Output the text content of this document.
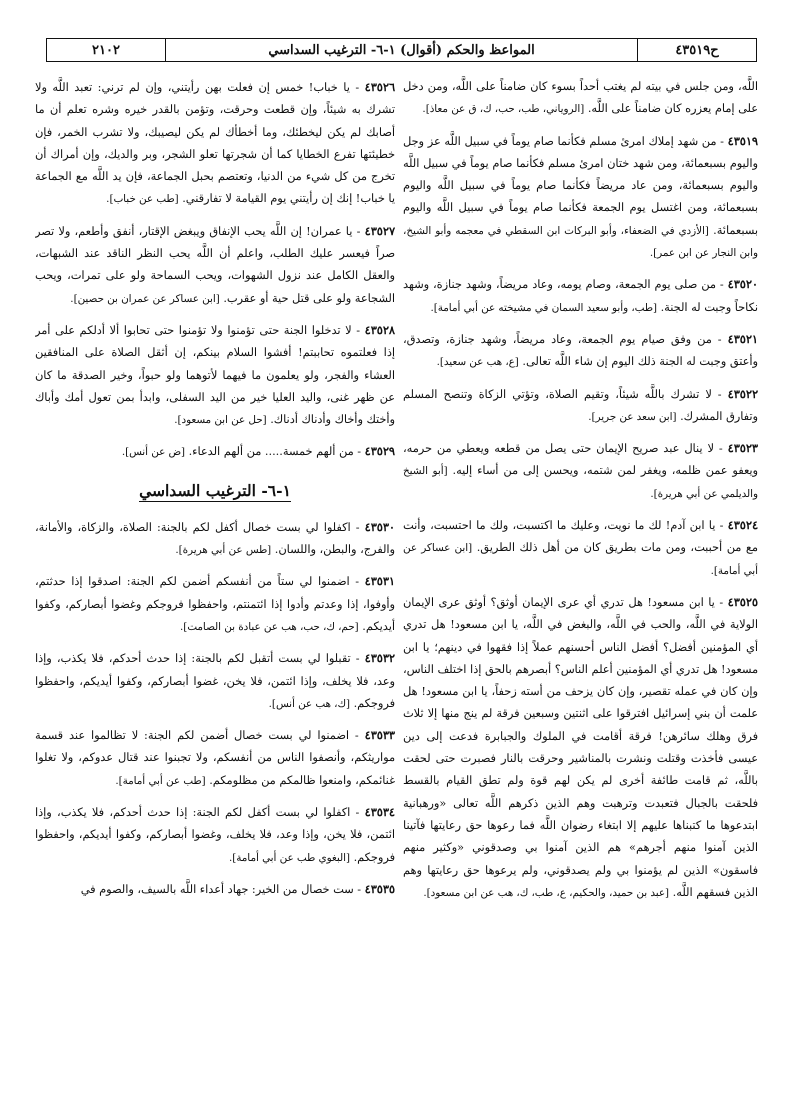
٢١٠٢	المواعظ والحكم (أقوال) ١-٦- الترغيب السداسي	ح٤٣٥١٩
اللَّه، ومن جلس في بيته لم يغتب أحداً بسوء كان ضامناً على اللَّه، ومن دخل على إمام يعزره كان ضامناً على اللَّه. [الروياني، طب، حب، ك، ق عن معاذ].
٤٣٥١٩ - من شهد إملاك امرئ مسلم فكأنما صام يوماً في سبيل اللَّه عز وجل واليوم بسبعمائة، ومن شهد ختان امرئ مسلم فكأنما صام يوماً في سبيل اللَّه واليوم بسبعمائة، ومن عاد مريضاً فكأنما صام يوماً في سبيل اللَّه واليوم بسبعمائة، ومن اغتسل يوم الجمعة فكأنما صام يوماً في سبيل اللَّه واليوم بسبعمائة. [الأزدي في الضعفاء، وأبو البركات ابن السقطي في معجمه وأبو الشيخ، وابن النجار عن ابن عمر].
٤٣٥٢٠ - من صلى يوم الجمعة، وصام يومه، وعاد مريضاً، وشهد جنازة، وشهد نكاحاً وجبت له الجنة. [طب، وأبو سعيد السمان في مشيخته عن أبي أمامة].
٤٣٥٢١ - من وفق صيام يوم الجمعة، وعاد مريضاً، وشهد جنازة، وتصدق، وأعتق وجبت له الجنة ذلك اليوم إن شاء اللَّه تعالى. [ع، هب عن سعيد].
٤٣٥٢٢ - لا تشرك باللَّه شيئاً، وتقيم الصلاة، وتؤتي الزكاة وتنصح المسلم وتفارق المشرك. [ابن سعد عن جرير].
٤٣٥٢٣ - لا ينال عبد صريح الإيمان حتى يصل من قطعه ويعطي من حرمه، ويعفو عمن ظلمه، ويغفر لمن شتمه، ويحسن إلى من أساء إليه. [أبو الشيخ والديلمي عن أبي هريرة].
٤٣٥٢٤ - يا ابن آدم! لك ما نويت، وعليك ما اكتسبت، ولك ما احتسبت، وأنت مع من أحببت، ومن مات بطريق كان من أهل ذلك الطريق. [ابن عساكر عن أبي أمامة].
٤٣٥٢٥ - يا ابن مسعود! هل تدري أي عرى الإيمان أوثق؟ أوثق عرى الإيمان الولاية في اللَّه، والحب في اللَّه، والبغض في اللَّه، يا ابن مسعود! هل تدري أي المؤمنين أفضل؟ أفضل الناس أحسنهم عملاً إذا فقهوا في دينهم؛ يا ابن مسعود! هل تدري أي المؤمنين أعلم الناس؟ أبصرهم بالحق إذا اختلف الناس، وإن كان في عمله تقصير، وإن كان يزحف من أسته زحفاً، يا ابن مسعود! هل علمت أن بني إسرائيل افترقوا على اثنتين وسبعين فرقة لم ينج منها إلا ثلاث فرق وهلك سائرهن! فرقة أقامت في الملوك والجبابرة فدعت إلى دين عيسى فأخذت وقتلت ونشرت بالمناشير وحرقت بالنار فصبرت حتى لحقت باللَّه، ثم قامت طائفة أخرى لم يكن لهم قوة ولم تطق القيام بالقسط فلحقت بالجبال فتعبدت وترهبت وهم الذين ذكرهم اللَّه تعالى «ورهبانية ابتدعوها ما كتبناها عليهم إلا ابتغاء رضوان اللَّه فما رعوها حق رعايتها فآتينا الذين آمنوا منهم أجرهم» هم الذين آمنوا بي وصدقوني «وكثير منهم فاسقون» الذين لم يؤمنوا بي ولم يصدقوني، ولم يرعوها حق رعايتها وهم الذين فسقهم اللَّه. [عبد بن حميد، والحكيم، ع، طب، ك، هب عن ابن مسعود].
٤٣٥٢٦ - يا خباب! خمس إن فعلت بهن رأيتني، وإن لم ترني: تعبد اللَّه ولا تشرك به شيئاً، وإن قطعت وحرقت، وتؤمن بالقدر خيره وشره تعلم أن ما أصابك لم يكن ليخطئك، وما أخطأك لم يكن ليصيبك، ولا تشرب الخمر، فإن خطيئتها تفرع الخطايا كما أن شجرتها تعلو الشجر، وبر والديك، وإن أمراك أن تخرج من كل شيء من الدنيا، وتعتصم بحبل الجماعة، فإن يد اللَّه مع الجماعة يا خباب! إنك إن رأيتني يوم القيامة لا تفارقني. [طب عن خباب].
٤٣٥٢٧ - يا عمران! إن اللَّه يحب الإنفاق ويبغض الإقتار، أنفق وأطعم، ولا تصر صراً فيعسر عليك الطلب، واعلم أن اللَّه يحب النظر الناقد عند الشبهات، والعقل الكامل عند نزول الشهوات، ويحب السماحة ولو على تمرات، ويحب الشجاعة ولو على قتل حية أو عقرب. [ابن عساكر عن عمران بن حصين].
٤٣٥٢٨ - لا تدخلوا الجنة حتى تؤمنوا ولا تؤمنوا حتى تحابوا ألا أدلكم على أمر إذا فعلتموه تحاببتم! أفشوا السلام بينكم، إن أثقل الصلاة على المنافقين العشاء والفجر، ولو يعلمون ما فيهما لأتوهما ولو حبواً، وخير الصدقة ما كان عن ظهر غنى، واليد العليا خير من اليد السفلى، وابدأ بمن تعول أمك وأباك وأختك وأخاك وأدناك أدناك. [حل عن ابن مسعود].
٤٣٥٢٩ - من ألهم خمسة..... من ألهم الدعاء. [ض عن أنس].
١-٦- الترغيب السداسي
٤٣٥٣٠ - اكفلوا لي بست خصال أكفل لكم بالجنة: الصلاة، والزكاة، والأمانة، والفرج، والبطن، واللسان. [طس عن أبي هريرة].
٤٣٥٣١ - اضمنوا لي ستاً من أنفسكم أضمن لكم الجنة: اصدقوا إذا حدثتم، وأوفوا، إذا وعدتم وأدوا إذا ائتمنتم، واحفظوا فروجكم وغضوا أبصاركم، وكفوا أيديكم. [حم، ك، حب، هب عن عبادة بن الصامت].
٤٣٥٣٢ - تقبلوا لي بست أتقبل لكم بالجنة: إذا حدث أحدكم، فلا يكذب، وإذا وعد، فلا يخلف، وإذا ائتمن، فلا يخن، غضوا أبصاركم، وكفوا أيديكم، واحفظوا فروجكم. [ك، هب عن أنس].
٤٣٥٣٣ - اضمنوا لي بست خصال أضمن لكم الجنة: لا تظالموا عند قسمة مواريثكم، وأنصفوا الناس من أنفسكم، ولا تجبنوا عند قتال عدوكم، ولا تغلوا غنائمكم، وامنعوا ظالمكم من مظلومكم. [طب عن أبي أمامة].
٤٣٥٣٤ - اكفلوا لي بست أكفل لكم الجنة: إذا حدث أحدكم، فلا يكذب، وإذا ائتمن، فلا يخن، وإذا وعد، فلا يخلف، وغضوا أبصاركم، وكفوا أيديكم، واحفظوا فروجكم. [البغوي طب عن أبي أمامة].
٤٣٥٣٥ - ست خصال من الخير: جهاد أعداء اللَّه بالسيف، والصوم في
